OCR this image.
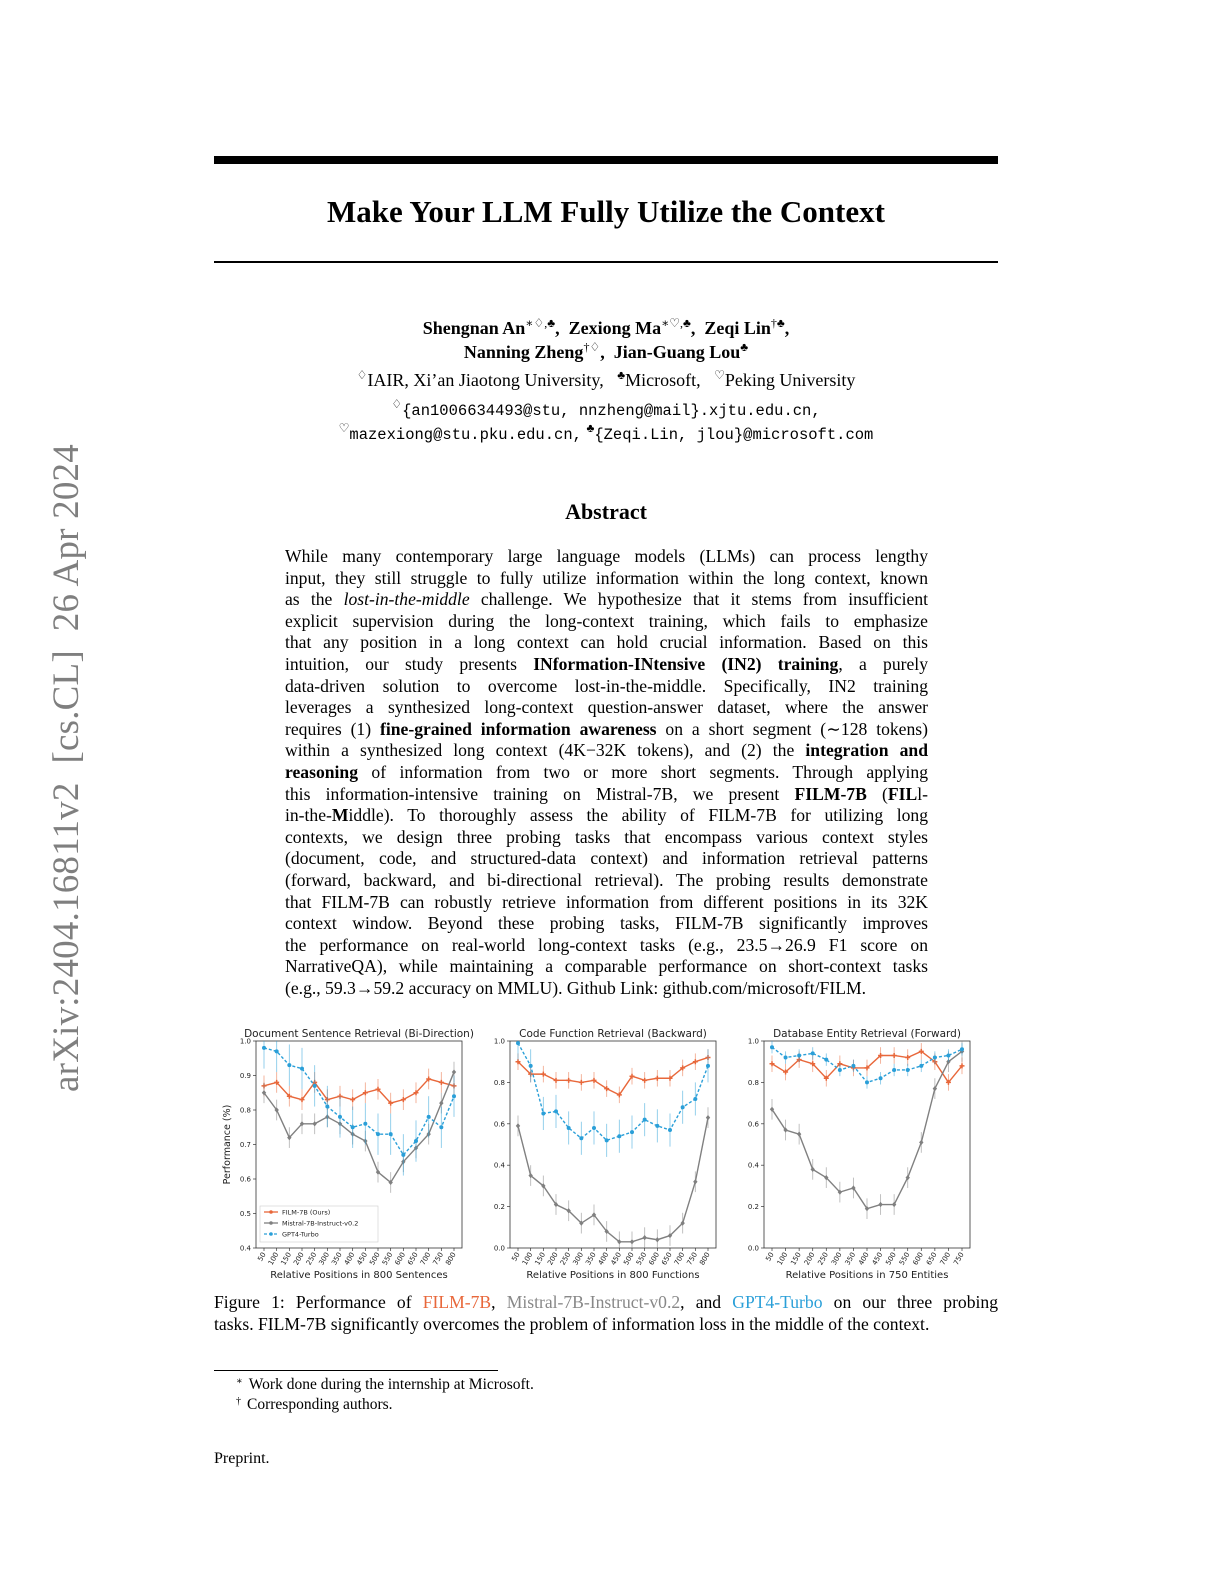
arXiv:2404.16811v2  [cs.CL]  26 Apr 2024
Make Your LLM Fully Utilize the Context
Shengnan An∗♢,♣,  Zexiong Ma∗♡,♣,  Zeqi Lin†♣,
Nanning Zheng†♢,  Jian-Guang Lou♣
♢IAIR, Xi’an Jiaotong University, ♣Microsoft, ♡Peking University
♢{an1006634493@stu, nnzheng@mail}.xjtu.edu.cn,
♡mazexiong@stu.pku.edu.cn, ♣{Zeqi.Lin, jlou}@microsoft.com
Abstract
While many contemporary large language models (LLMs) can process lengthy
input, they still struggle to fully utilize information within the long context, known
as the lost-in-the-middle challenge. We hypothesize that it stems from insufficient
explicit supervision during the long-context training, which fails to emphasize
that any position in a long context can hold crucial information. Based on this
intuition, our study presents INformation-INtensive (IN2) training, a purely
data-driven solution to overcome lost-in-the-middle. Specifically, IN2 training
leverages a synthesized long-context question-answer dataset, where the answer
requires (1) fine-grained information awareness on a short segment (∼128 tokens)
within a synthesized long context (4K−32K tokens), and (2) the integration and
reasoning of information from two or more short segments. Through applying
this information-intensive training on Mistral-7B, we present FILM-7B (FILl-
in-the-Middle). To thoroughly assess the ability of FILM-7B for utilizing long
contexts, we design three probing tasks that encompass various context styles
(document, code, and structured-data context) and information retrieval patterns
(forward, backward, and bi-directional retrieval). The probing results demonstrate
that FILM-7B can robustly retrieve information from different positions in its 32K
context window. Beyond these probing tasks, FILM-7B significantly improves
the performance on real-world long-context tasks (e.g., 23.5→26.9 F1 score on
NarrativeQA), while maintaining a comparable performance on short-context tasks
(e.g., 59.3→59.2 accuracy on MMLU). Github Link: github.com/microsoft/FILM.
Document Sentence Retrieval (Bi-Direction)
0.4
0.5
0.6
0.7
0.8
0.9
1.0
50 100 150 200 250 300 350 400 450 500 550 600 650 700 750 800
Relative Positions in 800 Sentences
Performance (%)
FILM-7B (Ours)
Mistral-7B-Instruct-v0.2
GPT4-Turbo
Code Function Retrieval (Backward)
0.0
0.2
0.4
0.6
0.8
1.0
50 100 150 200 250 300 350 400 450 500 550 600 650 700 750 800
Relative Positions in 800 Functions
Database Entity Retrieval (Forward)
0.0
0.2
0.4
0.6
0.8
1.0
50 100 150 200 250 300 350 400 450 500 550 600 650 700 750
Relative Positions in 750 Entities
Figure 1: Performance of FILM-7B, Mistral-7B-Instruct-v0.2, and GPT4-Turbo on our three probing
tasks. FILM-7B significantly overcomes the problem of information loss in the middle of the context.
∗ Work done during the internship at Microsoft.
† Corresponding authors.
Preprint.
